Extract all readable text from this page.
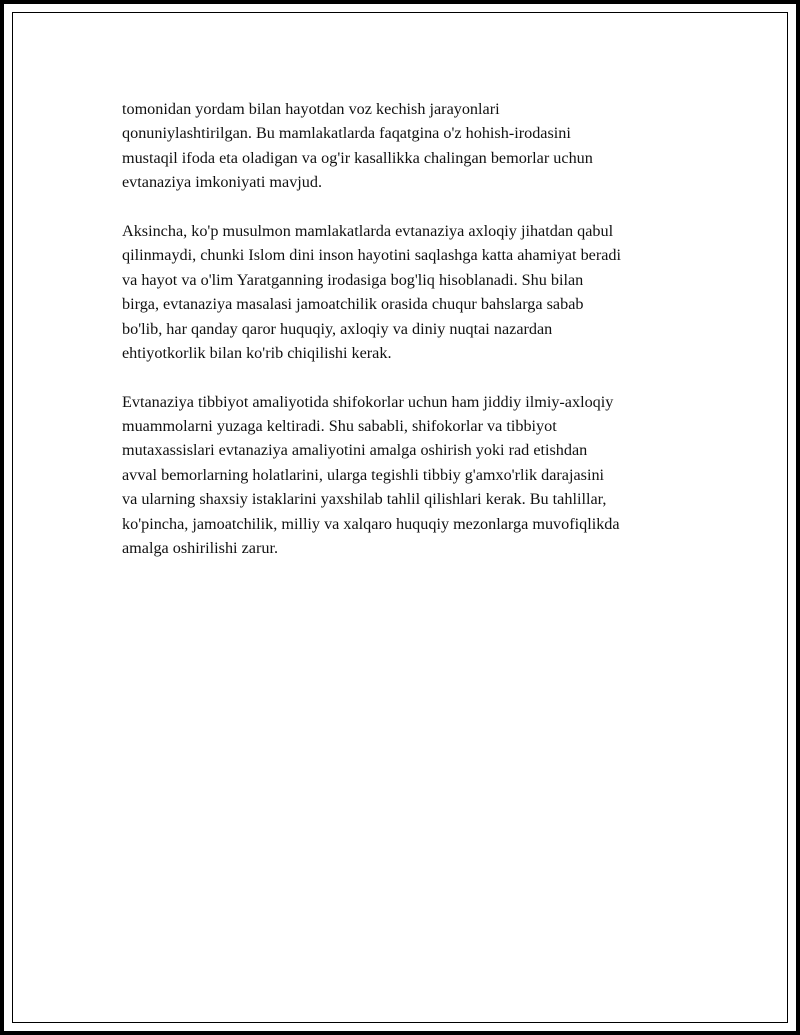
tomonidan yordam bilan hayotdan voz kechish jarayonlari
qonuniylashtirilgan. Bu mamlakatlarda faqatgina o'z hohish-irodasini
mustaqil ifoda eta oladigan va og'ir kasallikka chalingan bemorlar uchun
evtanaziya imkoniyati mavjud.
Aksincha, ko'p musulmon mamlakatlarda evtanaziya axloqiy jihatdan qabul
qilinmaydi, chunki Islom dini inson hayotini saqlashga katta ahamiyat beradi
va hayot va o'lim Yaratganning irodasiga bog'liq hisoblanadi. Shu bilan
birga, evtanaziya masalasi jamoatchilik orasida chuqur bahslarga sabab
bo'lib, har qanday qaror huquqiy, axloqiy va diniy nuqtai nazardan
ehtiyotkorlik bilan ko'rib chiqilishi kerak.
Evtanaziya tibbiyot amaliyotida shifokorlar uchun ham jiddiy ilmiy-axloqiy
muammolarni yuzaga keltiradi. Shu sababli, shifokorlar va tibbiyot
mutaxassislari evtanaziya amaliyotini amalga oshirish yoki rad etishdan
avval bemorlarning holatlarini, ularga tegishli tibbiy g'amxo'rlik darajasini
va ularning shaxsiy istaklarini yaxshilab tahlil qilishlari kerak. Bu tahlillar,
ko'pincha, jamoatchilik, milliy va xalqaro huquqiy mezonlarga muvofiqlikda
amalga oshirilishi zarur.
